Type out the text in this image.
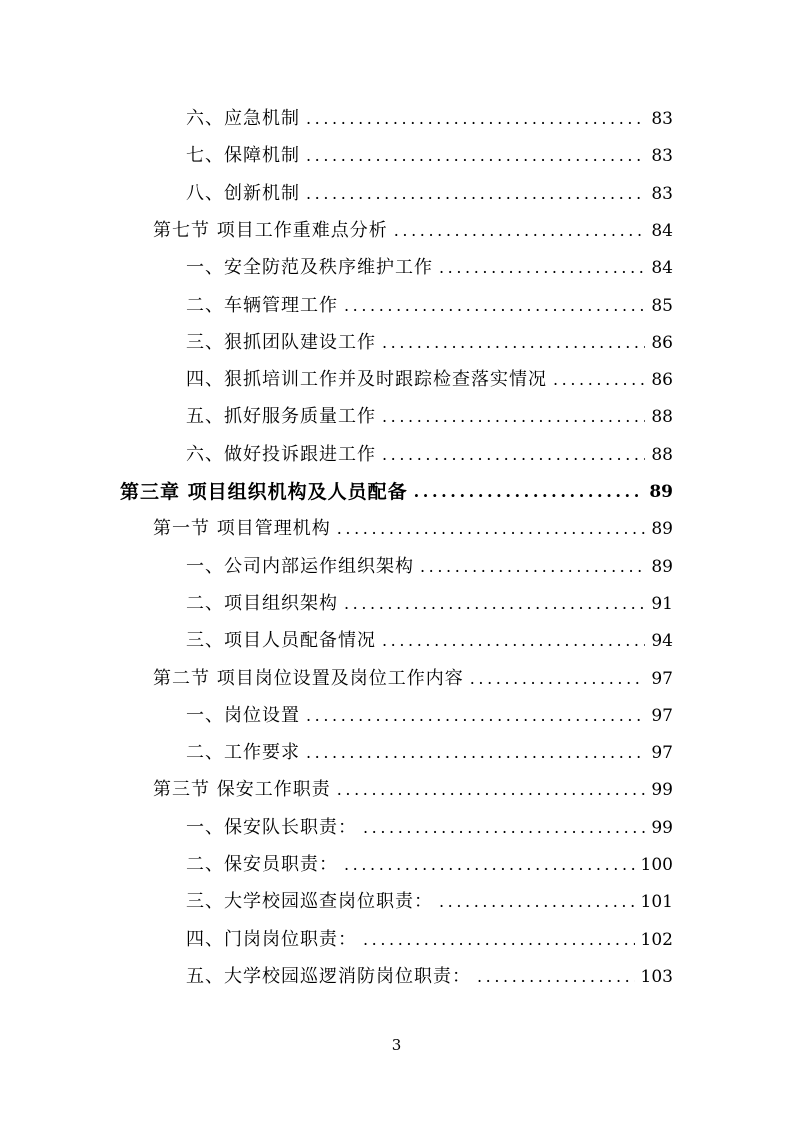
六、应急机制 .....	83
七、保障机制 .....	83
八、创新机制 .....	83
第七节 项目工作重难点分析 .....	84
一、安全防范及秩序维护工作 .....	84
二、车辆管理工作 .....	85
三、狠抓团队建设工作 .....	86
四、狠抓培训工作并及时跟踪检查落实情况 .....	86
五、抓好服务质量工作 .....	88
六、做好投诉跟进工作 .....	88
第三章 项目组织机构及人员配备 .....	89
第一节 项目管理机构 .....	89
一、公司内部运作组织架构 .....	89
二、项目组织架构 .....	91
三、项目人员配备情况 .....	94
第二节 项目岗位设置及岗位工作内容 .....	97
一、岗位设置 .....	97
二、工作要求 .....	97
第三节 保安工作职责 .....	99
一、保安队长职责： .....	99
二、保安员职责： .....	100
三、大学校园巡查岗位职责： .....	101
四、门岗岗位职责： .....	102
五、大学校园巡逻消防岗位职责： .....	103
3
